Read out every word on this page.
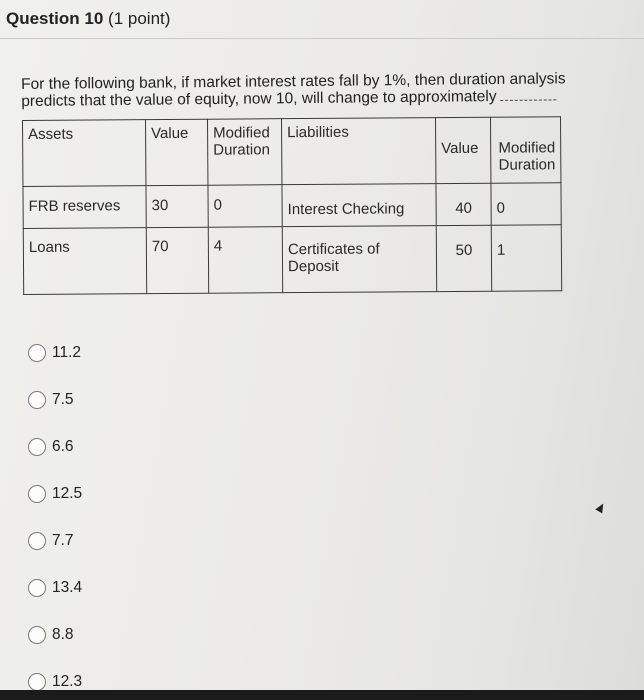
Question 10 (1 point)
For the following bank, if market interest rates fall by 1%, then duration analysis predicts that the value of equity, now 10, will change to approximately
Assets	Value	Modified Duration	Liabilities	Value	Modified Duration
FRB reserves	30	0	Interest Checking	40	0
Loans	70	4	Certificates of Deposit	50	1
11.2
7.5
6.6
12.5
7.7
13.4
8.8
12.3
